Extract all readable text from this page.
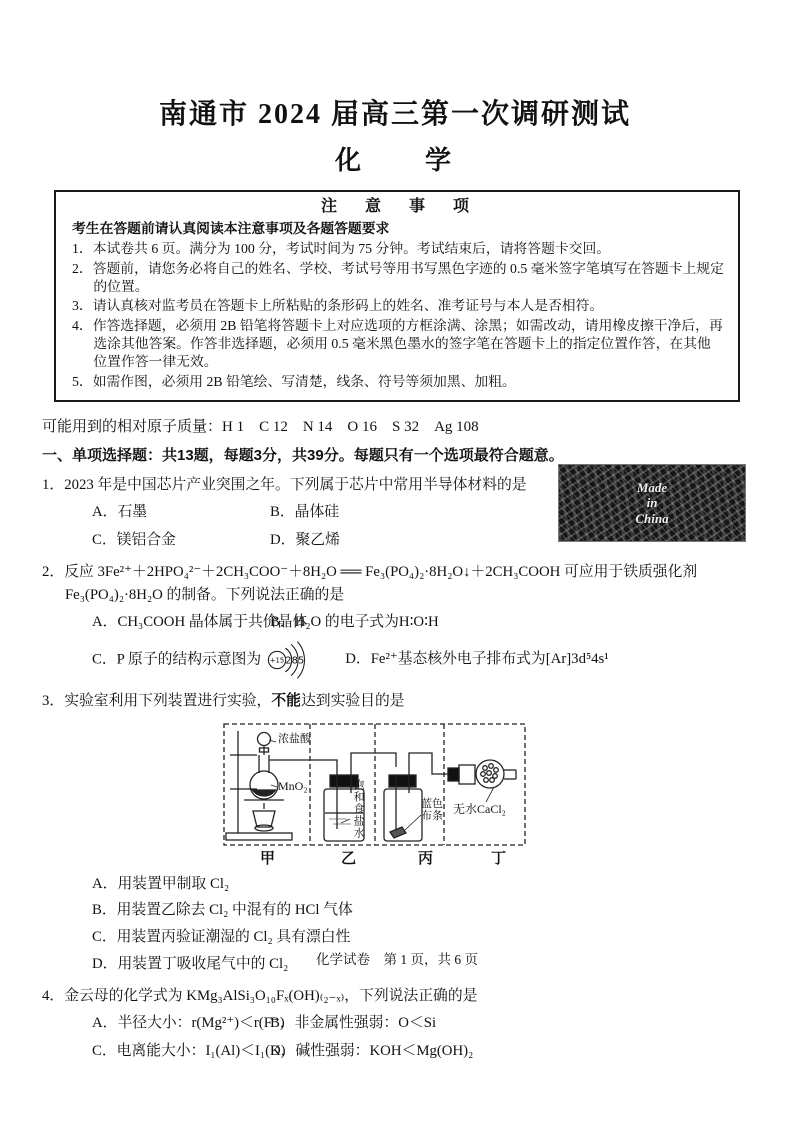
南通市 2024 届高三第一次调研测试
化　　学
注　意　事　项
考生在答题前请认真阅读本注意事项及各题答题要求
1．本试卷共 6 页。满分为 100 分，考试时间为 75 分钟。考试结束后，请将答题卡交回。
2．答题前，请您务必将自己的姓名、学校、考试号等用书写黑色字迹的 0.5 毫米签字笔填写在答题卡上规定的位置。
3．请认真核对监考员在答题卡上所粘贴的条形码上的姓名、准考证号与本人是否相符。
4．作答选择题，必须用 2B 铅笔将答题卡上对应选项的方框涂满、涂黑；如需改动，请用橡皮擦干净后，再选涂其他答案。作答非选择题，必须用 0.5 毫米黑色墨水的签字笔在答题卡上的指定位置作答，在其他位置作答一律无效。
5．如需作图，必须用 2B 铅笔绘、写清楚，线条、符号等须加黑、加粗。

可能用到的相对原子质量：H 1　C 12　N 14　O 16　S 32　Ag 108

一、单项选择题：共13题，每题3分，共39分。每题只有一个选项最符合题意。

Made
in
China

1．2023 年是中国芯片产业突围之年。下列属于芯片中常用半导体材料的是

A．石墨	B．晶体硅
C．镁铝合金	D．聚乙烯

2．反应 3Fe²⁺＋2HPO₄²⁻＋2CH₃COO⁻＋8H₂O ══ Fe₃(PO₄)₂·8H₂O↓＋2CH₃COOH 可应用于铁质强化剂 Fe₃(PO₄)₂·8H₂O 的制备。下列说法正确的是

A．CH₃COOH 晶体属于共价晶体
B．H₂O 的电子式为H∶O∶H
C．P 原子的结构示意图为 +15 2 8 5	D．Fe²⁺基态核外电子排布式为[Ar]3d⁵4s¹

3．实验室利用下列装置进行实验，不能达到实验目的是

浓盐酸
MnO₂	饱和食盐水	蓝色布条
无水CaCl₂
甲	乙	丙	丁
A．用装置甲制取 Cl₂
B．用装置乙除去 Cl₂ 中混有的 HCl 气体
C．用装置丙验证潮湿的 Cl₂ 具有漂白性
D．用装置丁吸收尾气中的 Cl₂

4．金云母的化学式为 KMg₃AlSi₃O₁₀Fₓ(OH)₍₂₋ₓ₎，下列说法正确的是

A．半径大小：r(Mg²⁺)＜r(F⁻)
B．非金属性强弱：O＜Si
C．电离能大小：I₁(Al)＜I₁(K)
D．碱性强弱：KOH＜Mg(OH)₂
化学试卷　第 1 页，共 6 页
